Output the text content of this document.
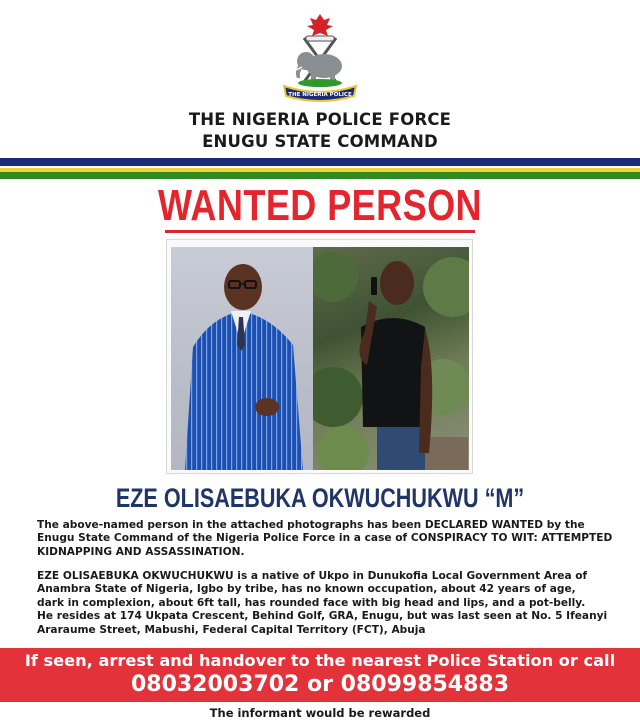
THE NIGERIA POLICE
THE NIGERIA POLICE FORCE
ENUGU STATE COMMAND
WANTED PERSON
EZE OLISAEBUKA OKWUCHUKWU “M”
The above-named person in the attached photographs has been DECLARED WANTED by the
Enugu State Command of the Nigeria Police Force in a case of CONSPIRACY TO WIT: ATTEMPTED
KIDNAPPING AND ASSASSINATION.
EZE OLISAEBUKA OKWUCHUKWU is a native of Ukpo in Dunukofia Local Government Area of
Anambra State of Nigeria, Igbo by tribe, has no known occupation, about 42 years of age,
dark in complexion, about 6ft tall, has rounded face with big head and lips, and a pot-belly.
He resides at 174 Ukpata Crescent, Behind Golf, GRA, Enugu, but was last seen at No. 5 Ifeanyi
Araraume Street, Mabushi, Federal Capital Territory (FCT), Abuja
If seen, arrest and handover to the nearest Police Station or call
08032003702 or 08099854883
The informant would be rewarded
